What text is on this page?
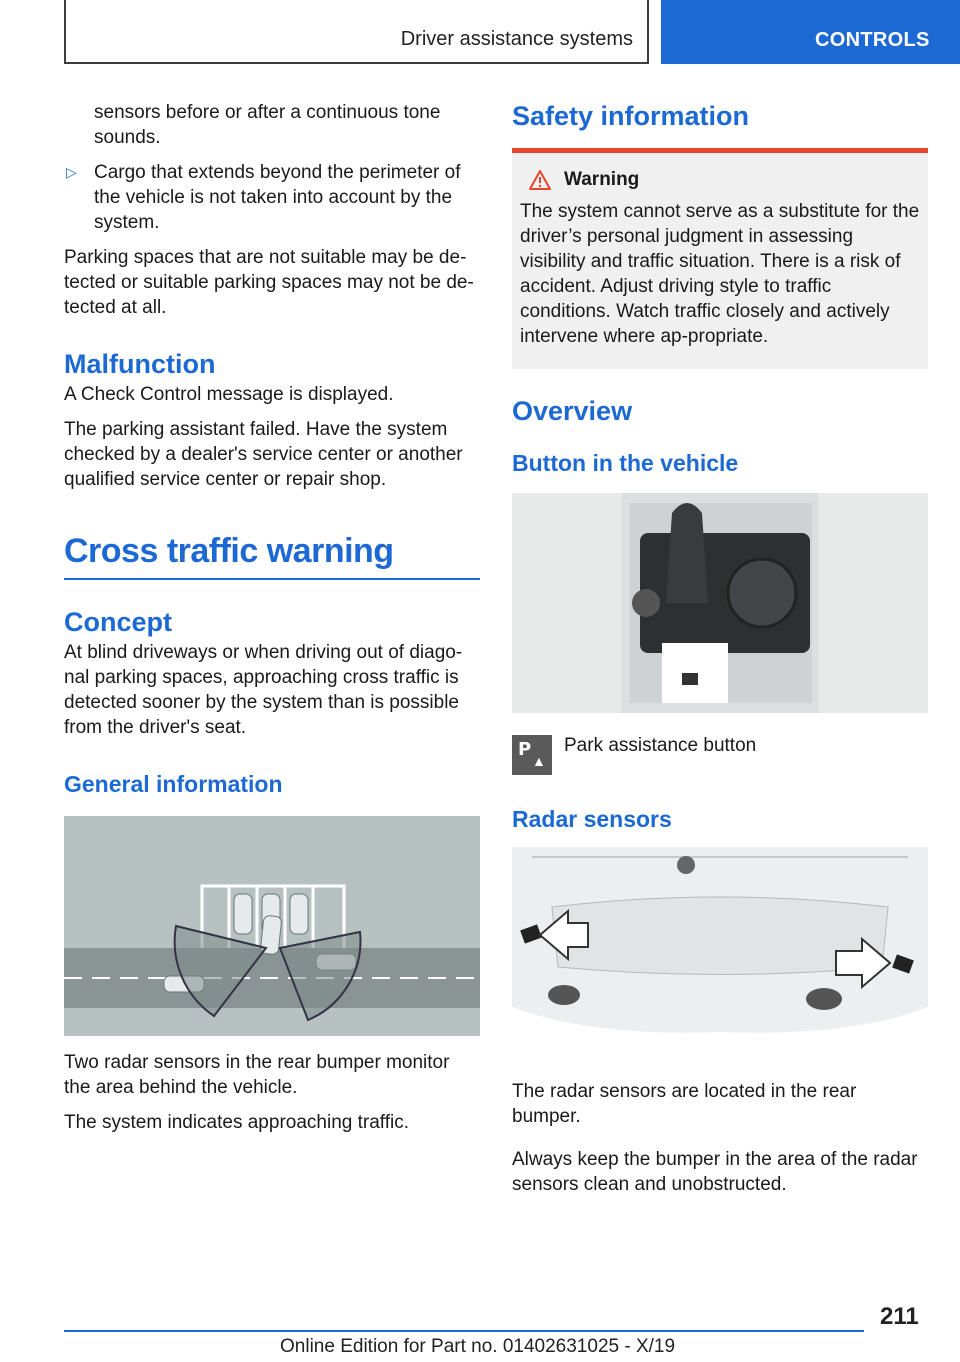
Driver assistance systems	CONTROLS

sensors before or after a continuous tone sounds.

▷ Cargo that extends beyond the perimeter of the vehicle is not taken into account by the system.

Parking spaces that are not suitable may be de-tected or suitable parking spaces may not be de-tected at all.

Malfunction

A Check Control message is displayed.

The parking assistant failed. Have the system checked by a dealer's service center or another qualified service center or repair shop.

Cross traffic warning
Concept

At blind driveways or when driving out of diago-nal parking spaces, approaching cross traffic is detected sooner by the system than is possible from the driver's seat.

General information

Two radar sensors in the rear bumper monitor the area behind the vehicle.

The system indicates approaching traffic.

Safety information
Warning

The system cannot serve as a substitute for the driver’s personal judgment in assessing visibility and traffic situation. There is a risk of accident. Adjust driving style to traffic conditions. Watch traffic closely and actively intervene where ap-propriate.

Overview
Button in the vehicle
P
▲
Park assistance button
Radar sensors

The radar sensors are located in the rear bumper.

Always keep the bumper in the area of the radar sensors clean and unobstructed.

211
Online Edition for Part no. 01402631025 - X/19
